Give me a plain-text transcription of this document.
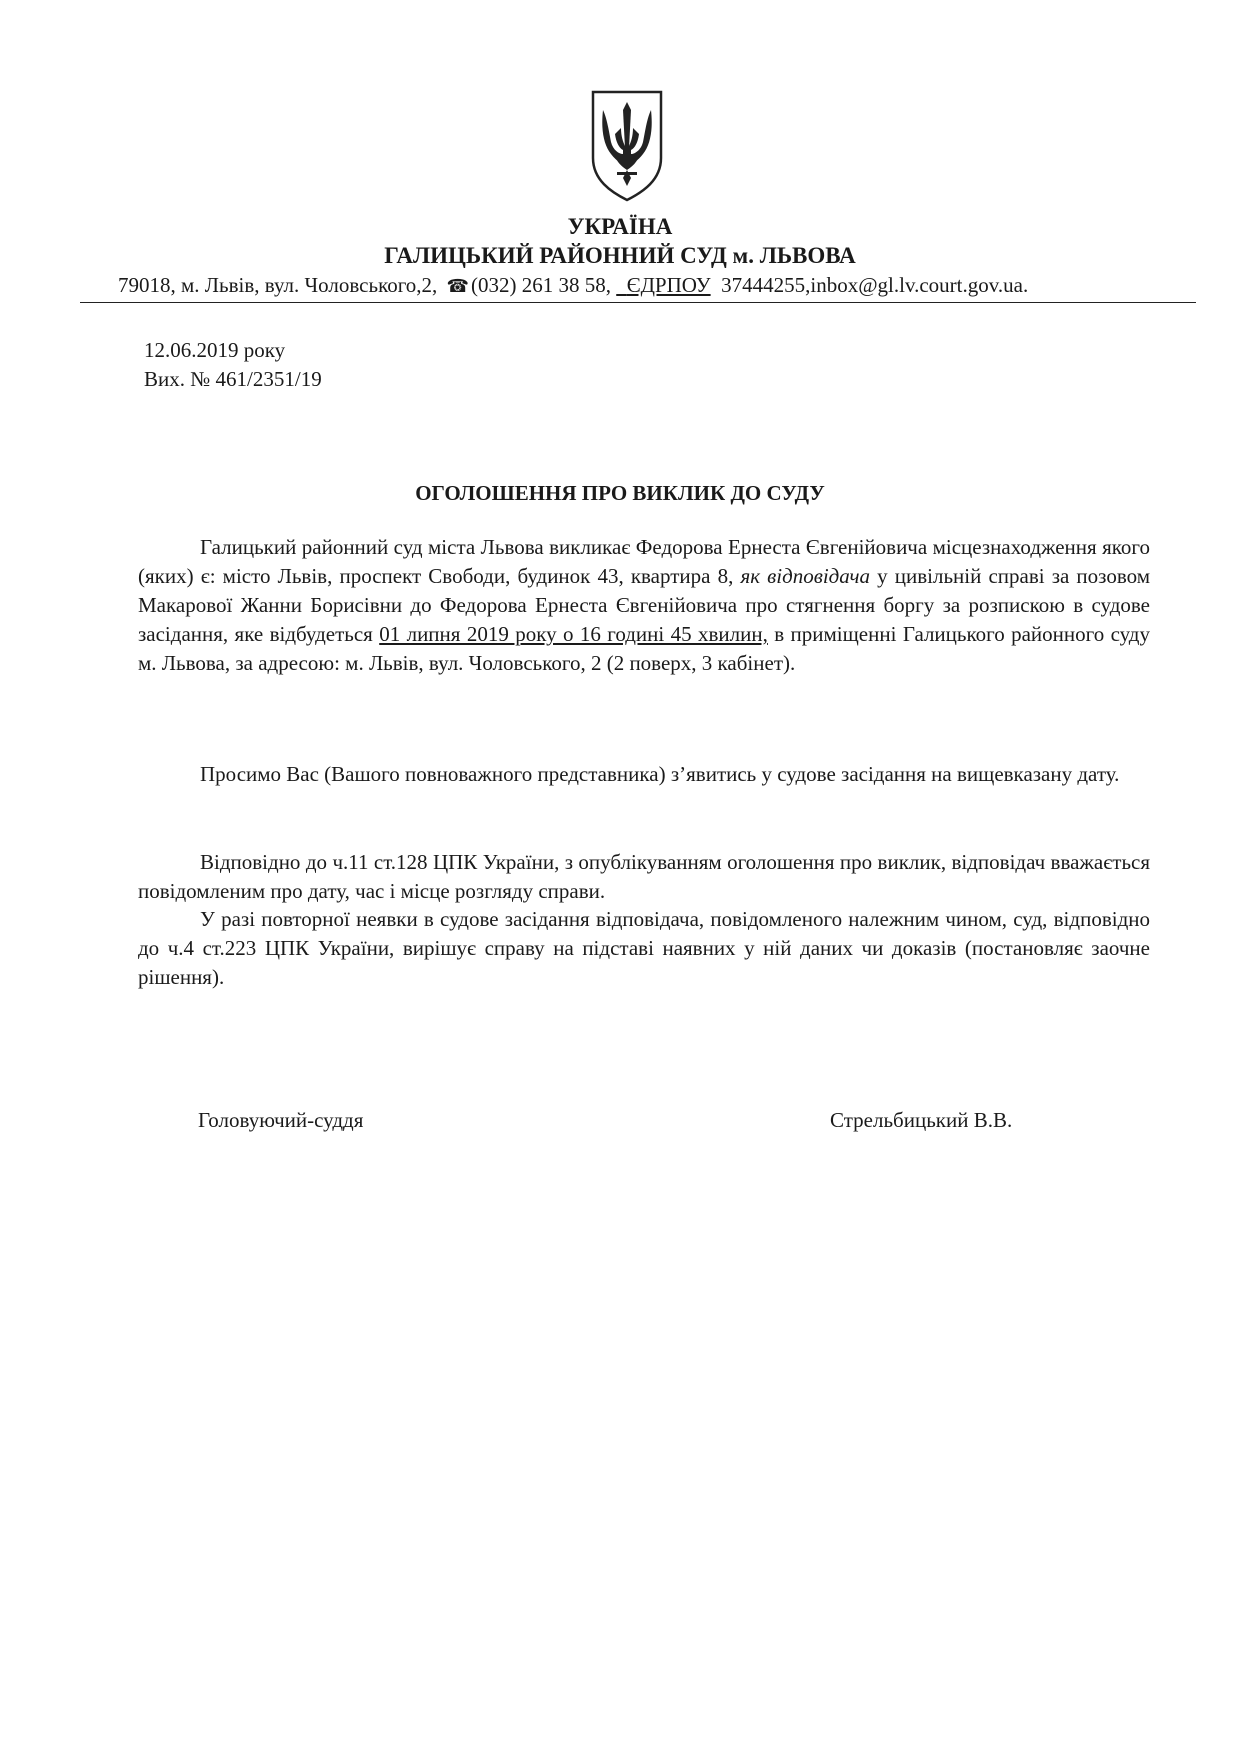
УКРАЇНА
ГАЛИЦЬКИЙ РАЙОННИЙ СУД м. ЛЬВОВА
79018, м. Львів, вул. Чоловського,2, ☎(032) 261 38 58, ЄДРПОУ 37444255,inbox@gl.lv.court.gov.ua.
12.06.2019 року
Вих. № 461/2351/19
ОГОЛОШЕННЯ ПРО ВИКЛИК ДО СУДУ

Галицький районний суд міста Львова викликає Федорова Ернеста Євгенійовича місцезнаходження якого (яких) є: місто Львів, проспект Свободи, будинок 43, квартира 8, як відповідача у цивільній справі за позовом Макарової Жанни Борисівни до Федорова Ернеста Євгенійовича про стягнення боргу за розпискою в судове засідання, яке відбудеться 01 липня 2019 року о 16 годині 45 хвилин, в приміщенні Галицького районного суду м. Львова, за адресою: м. Львів, вул. Чоловського, 2 (2 поверх, 3 кабінет).

Просимо Вас (Вашого повноважного представника) з’явитись у судове засідання на вищевказану дату.

Відповідно до ч.11 ст.128 ЦПК України, з опублікуванням оголошення про виклик, відповідач вважається повідомленим про дату, час і місце розгляду справи.

У разі повторної неявки в судове засідання відповідача, повідомленого належним чином, суд, відповідно до ч.4 ст.223 ЦПК України, вирішує справу на підставі наявних у ній даних чи доказів (постановляє заочне рішення).

Головуючий-суддя	Стрельбицький В.В.
